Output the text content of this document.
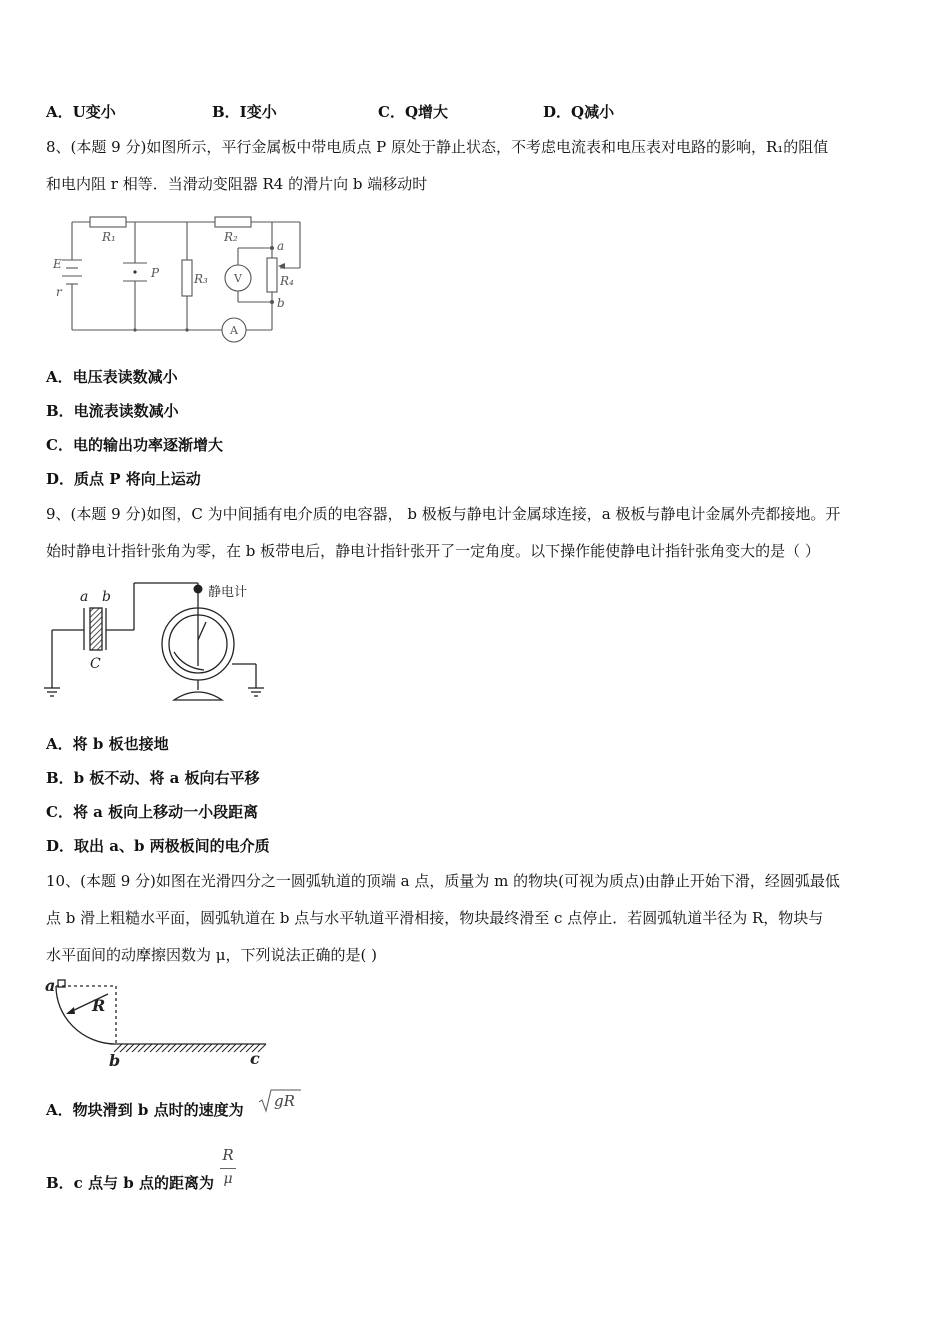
A．U变小	B．I变小	C．Q增大	D．Q减小
8、(本题 9 分)如图所示，平行金属板中带电质点 P 原处于静止状态，不考虑电流表和电压表对电路的影响，R₁的阻值
和电内阻 r 相等．当滑动变阻器 R4 的滑片向 b 端移动时
E
r
R₁	R₂
R₃	R₄
P
a
b
V
A
A．电压表读数减小
B．电流表读数减小
C．电的输出功率逐渐增大
D．质点 P 将向上运动
9、(本题 9 分)如图，C 为中间插有电介质的电容器， b 极板与静电计金属球连接，a 极板与静电计金属外壳都接地。开
始时静电计指针张角为零，在 b 板带电后，静电计指针张开了一定角度。以下操作能使静电计指针张角变大的是（ ）
a b
C
静电计
A．将 b 板也接地
B．b 板不动、将 a 板向右平移
C．将 a 板向上移动一小段距离
D．取出 a、b 两极板间的电介质
10、(本题 9 分)如图在光滑四分之一圆弧轨道的顶端 a 点，质量为 m 的物块(可视为质点)由静止开始下滑，经圆弧最低
点 b 滑上粗糙水平面，圆弧轨道在 b 点与水平轨道平滑相接，物块最终滑至 c 点停止．若圆弧轨道半径为 R，物块与
水平面间的动摩擦因数为 μ，下列说法正确的是( )
a
R
b	c
A．物块滑到 b 点时的速度为 gR
B．c 点与 b 点的距离为
R
μ
